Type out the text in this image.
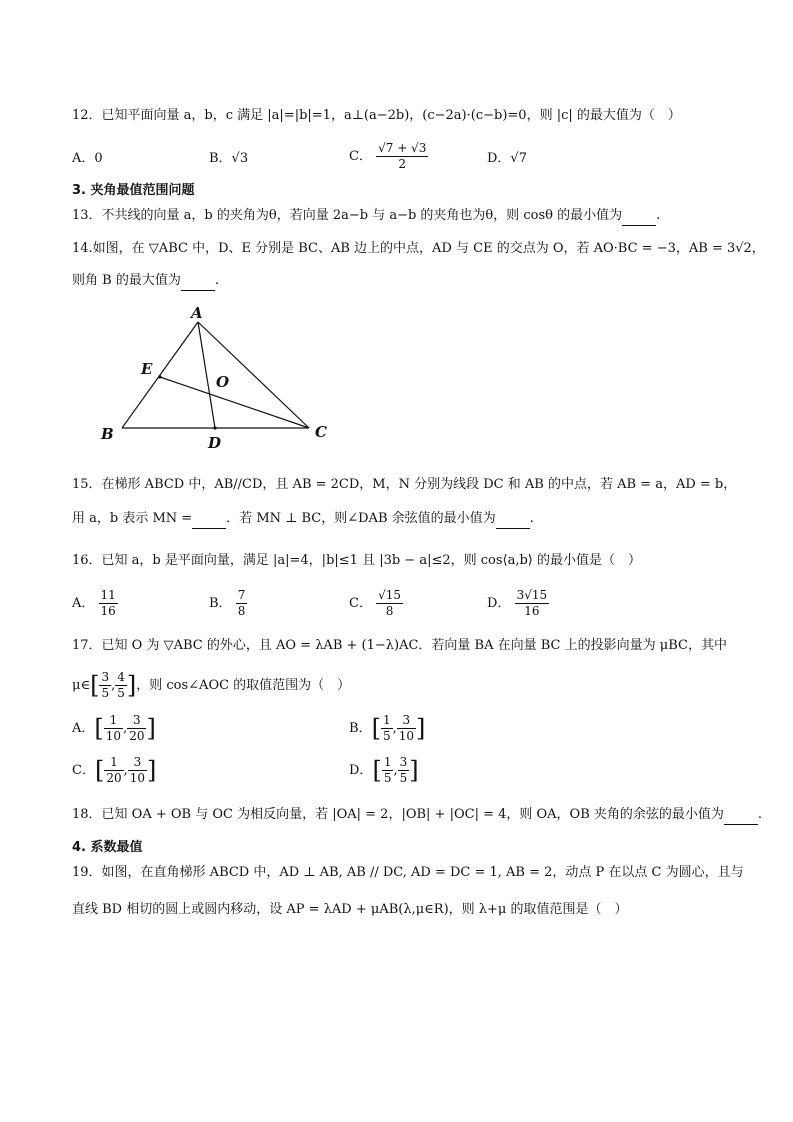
12．已知平面向量 a，b，c 满足 |a|=|b|=1，a⊥(a−2b)，(c−2a)·(c−b)=0，则 |c| 的最大值为（　）
A．0	B．√3	C． $\frac{√7 + √3}{2}$	D．√7
3. 夹角最值范围问题
13．不共线的向量 a，b 的夹角为θ，若向量 2a−b 与 a−b 的夹角也为θ，则 cosθ 的最小值为	.
14.如图，在 ▽ABC 中，D、E 分别是 BC、AB 边上的中点，AD 与 CE 的交点为 O，若 AO·BC = −3，AB = 3√2，
则角 B 的最大值为	.
A
B	C
D
E
O
15．在梯形 ABCD 中，AB//CD，且 AB = 2CD，M，N 分别为线段 DC 和 AB 的中点，若 AB = a，AD = b，
用 a，b 表示 MN =	．若 MN ⊥ BC，则∠DAB 余弦值的最小值为	.
16．已知 a，b 是平面向量，满足 |a|=4，|b|≤1 且 |3b − a|≤2，则 cos⟨a,b⟩ 的最小值是（　）
A． $\frac{11}{16}$	B． $\frac{7}{8}$	C． $\frac{√15}{8}$	D． $\frac{3√15}{16}$
17．已知 O 为 ▽ABC 的外心，且 AO = λAB + (1−λ)AC．若向量 BA 在向量 BC 上的投影向量为 μBC，其中
μ∈[ $\frac{3}{5}$ , $\frac{4}{5}$ ]，则 cos∠AOC 的取值范围为（　）
A．[ $\frac{1}{10}$ , $\frac{3}{20}$ ]	B．[ $\frac{1}{5}$ , $\frac{3}{10}$ ]
C．[ $\frac{1}{20}$ , $\frac{3}{10}$ ]	D．[ $\frac{1}{5}$ , $\frac{3}{5}$ ]
18．已知 OA + OB 与 OC 为相反向量，若 |OA| = 2，|OB| + |OC| = 4，则 OA，OB 夹角的余弦的最小值为	.
4. 系数最值
19．如图，在直角梯形 ABCD 中，AD ⊥ AB, AB // DC, AD = DC = 1, AB = 2，动点 P 在以点 C 为圆心，且与
直线 BD 相切的圆上或圆内移动，设 AP = λAD + μAB(λ,μ∈R)，则 λ+μ 的取值范围是（　）
